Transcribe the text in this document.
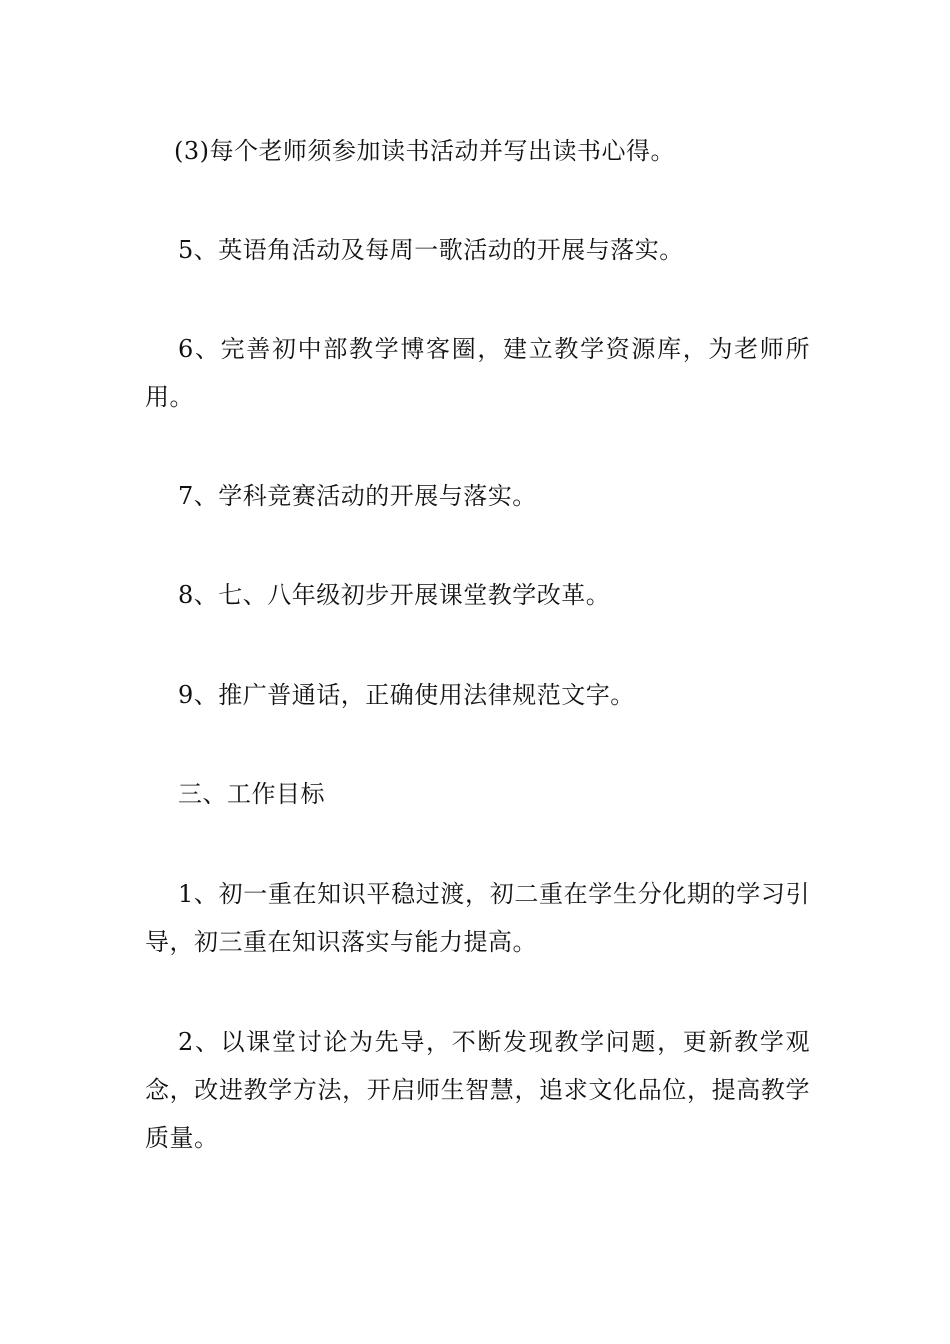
(3)每个老师须参加读书活动并写出读书心得。

5、英语角活动及每周一歌活动的开展与落实。

6、完善初中部教学博客圈，建立教学资源库，为老师所用。

7、学科竞赛活动的开展与落实。

8、七、八年级初步开展课堂教学改革。

9、推广普通话，正确使用法律规范文字。

三、工作目标

1、初一重在知识平稳过渡，初二重在学生分化期的学习引导，初三重在知识落实与能力提高。

2、以课堂讨论为先导，不断发现教学问题，更新教学观念，改进教学方法，开启师生智慧，追求文化品位，提高教学质量。
